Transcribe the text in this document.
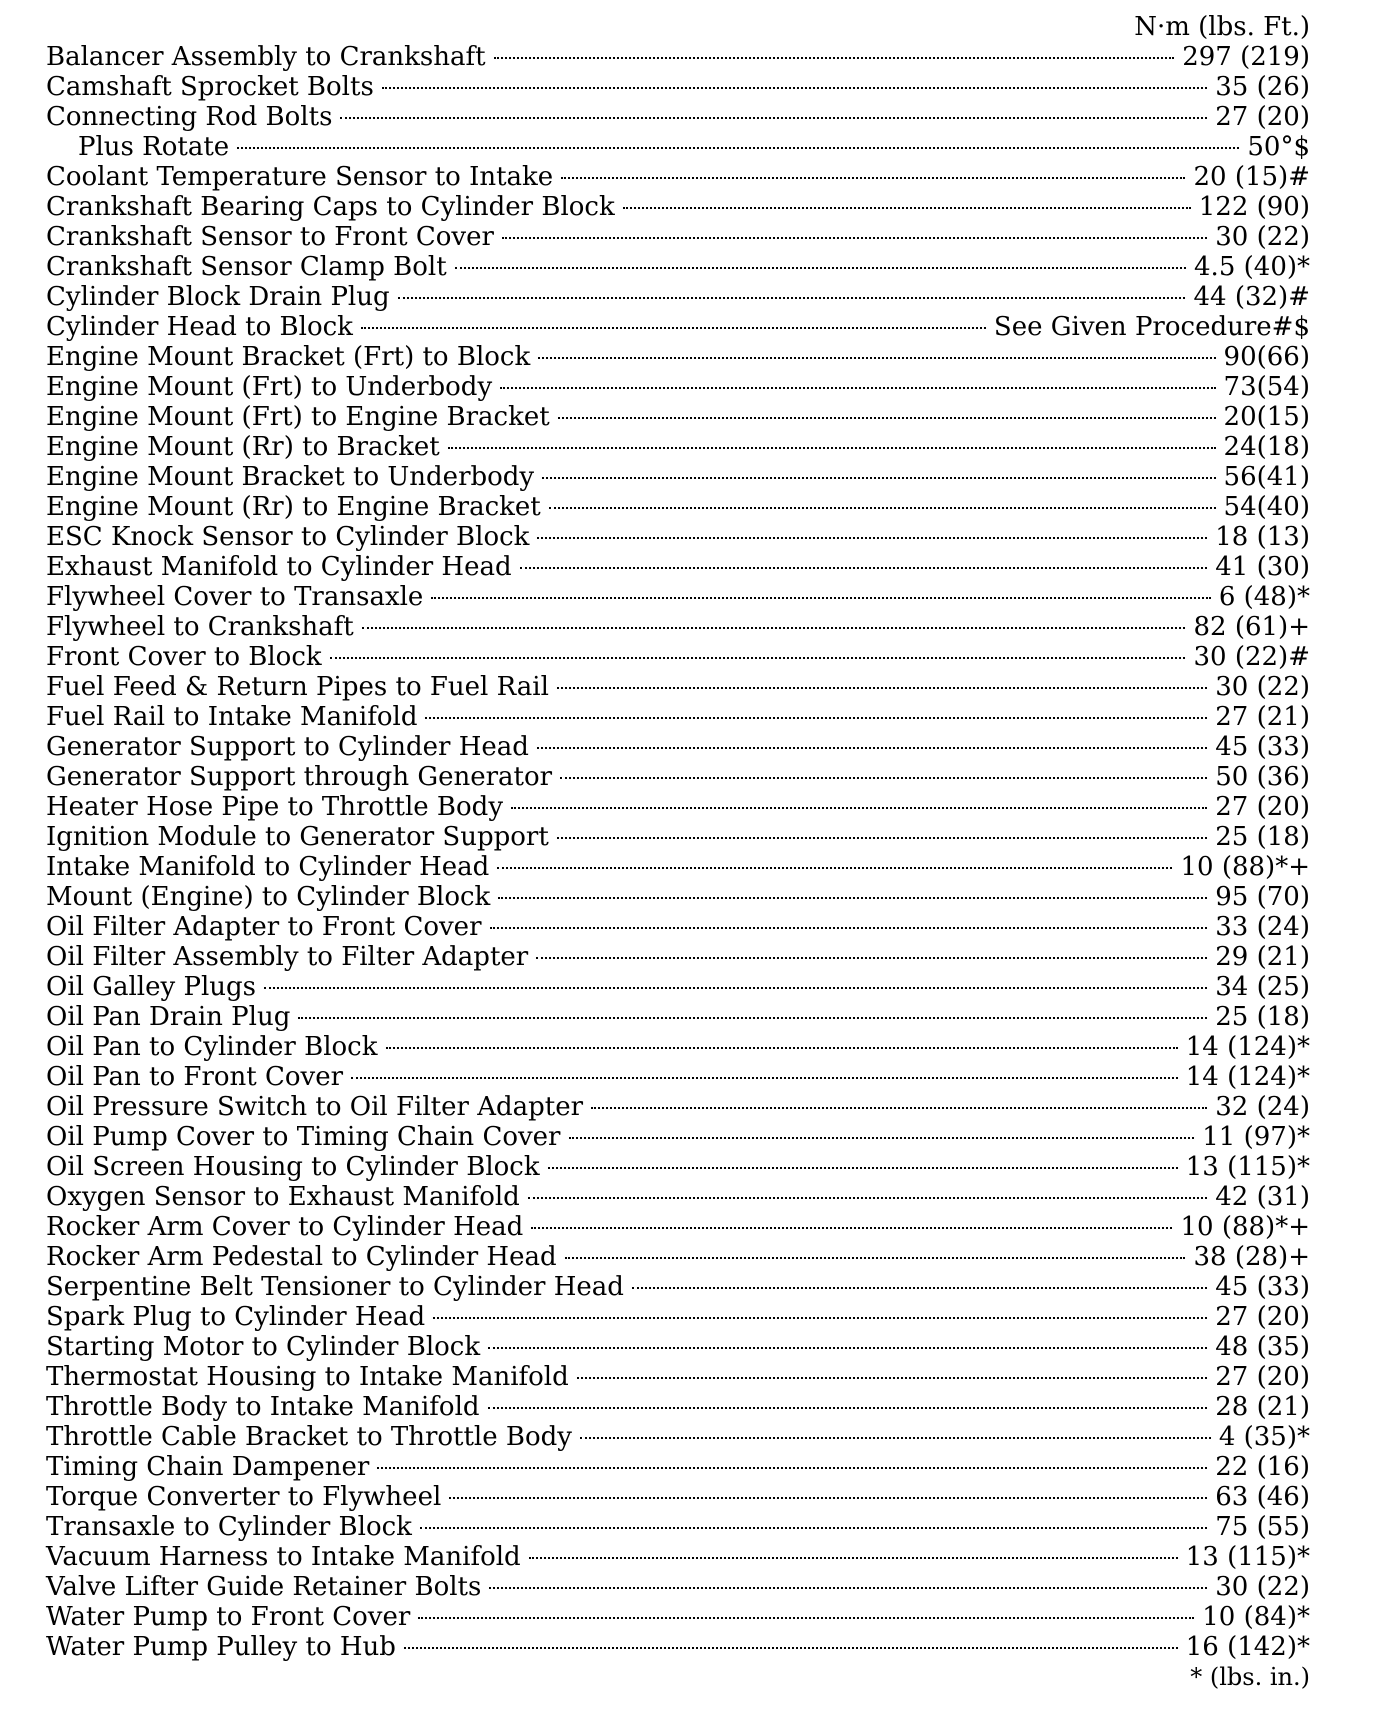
N·m (lbs. Ft.)
Balancer Assembly to Crankshaft	297 (219)
Camshaft Sprocket Bolts	35 (26)
Connecting Rod Bolts	27 (20)
Plus Rotate	50°$
Coolant Temperature Sensor to Intake	20 (15)#
Crankshaft Bearing Caps to Cylinder Block	122 (90)
Crankshaft Sensor to Front Cover	30 (22)
Crankshaft Sensor Clamp Bolt	4.5 (40)*
Cylinder Block Drain Plug	44 (32)#
Cylinder Head to Block	See Given Procedure#$
Engine Mount Bracket (Frt) to Block	90(66)
Engine Mount (Frt) to Underbody	73(54)
Engine Mount (Frt) to Engine Bracket	20(15)
Engine Mount (Rr) to Bracket	24(18)
Engine Mount Bracket to Underbody	56(41)
Engine Mount (Rr) to Engine Bracket	54(40)
ESC Knock Sensor to Cylinder Block	18 (13)
Exhaust Manifold to Cylinder Head	41 (30)
Flywheel Cover to Transaxle	6 (48)*
Flywheel to Crankshaft	82 (61)+
Front Cover to Block	30 (22)#
Fuel Feed & Return Pipes to Fuel Rail	30 (22)
Fuel Rail to Intake Manifold	27 (21)
Generator Support to Cylinder Head	45 (33)
Generator Support through Generator	50 (36)
Heater Hose Pipe to Throttle Body	27 (20)
Ignition Module to Generator Support	25 (18)
Intake Manifold to Cylinder Head	10 (88)*+
Mount (Engine) to Cylinder Block	95 (70)
Oil Filter Adapter to Front Cover	33 (24)
Oil Filter Assembly to Filter Adapter	29 (21)
Oil Galley Plugs	34 (25)
Oil Pan Drain Plug	25 (18)
Oil Pan to Cylinder Block	14 (124)*
Oil Pan to Front Cover	14 (124)*
Oil Pressure Switch to Oil Filter Adapter	32 (24)
Oil Pump Cover to Timing Chain Cover	11 (97)*
Oil Screen Housing to Cylinder Block	13 (115)*
Oxygen Sensor to Exhaust Manifold	42 (31)
Rocker Arm Cover to Cylinder Head	10 (88)*+
Rocker Arm Pedestal to Cylinder Head	38 (28)+
Serpentine Belt Tensioner to Cylinder Head	45 (33)
Spark Plug to Cylinder Head	27 (20)
Starting Motor to Cylinder Block	48 (35)
Thermostat Housing to Intake Manifold	27 (20)
Throttle Body to Intake Manifold	28 (21)
Throttle Cable Bracket to Throttle Body	4 (35)*
Timing Chain Dampener	22 (16)
Torque Converter to Flywheel	63 (46)
Transaxle to Cylinder Block	75 (55)
Vacuum Harness to Intake Manifold	13 (115)*
Valve Lifter Guide Retainer Bolts	30 (22)
Water Pump to Front Cover	10 (84)*
Water Pump Pulley to Hub	16 (142)*
* (lbs. in.)
